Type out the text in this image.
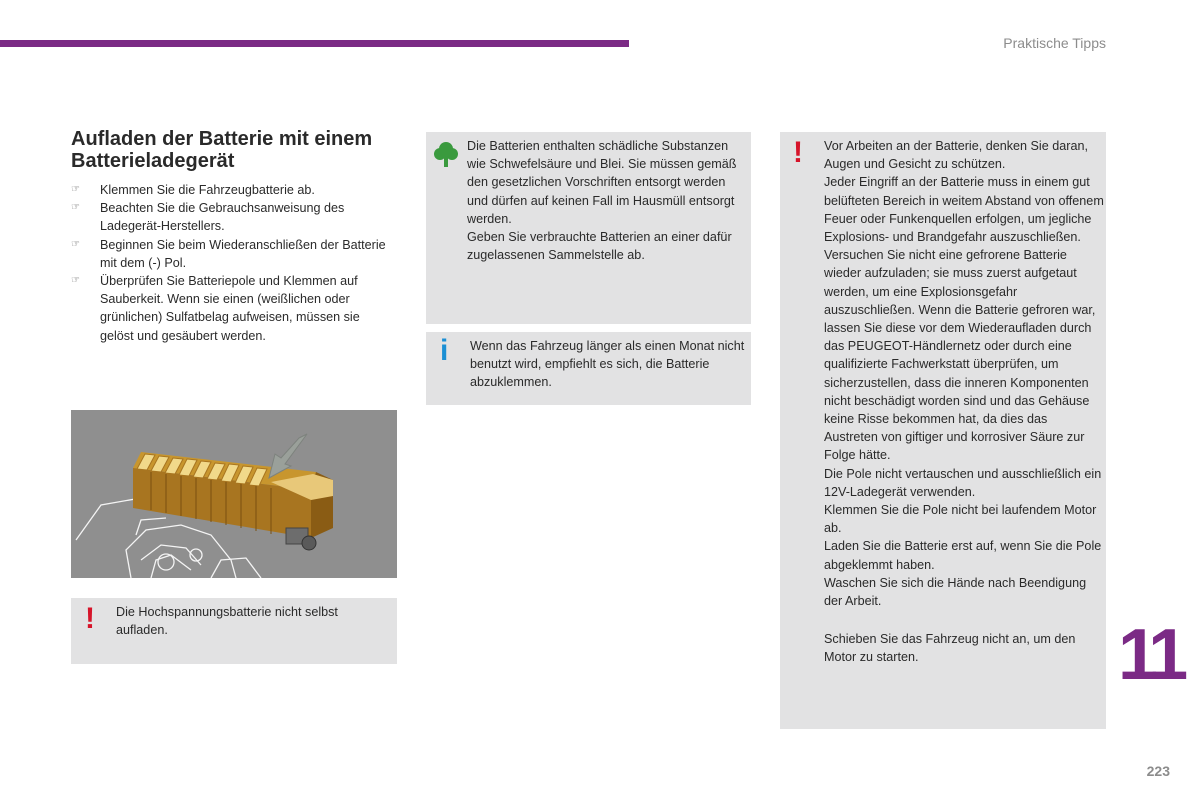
Praktische Tipps
Aufladen der Batterie mit einem Batterieladegerät
☞ Klemmen Sie die Fahrzeugbatterie ab.
☞ Beachten Sie die Gebrauchsanweisung des Ladegerät-Herstellers.
☞ Beginnen Sie beim Wiederanschließen der Batterie mit dem (-) Pol.
☞ Überprüfen Sie Batteriepole und Klemmen auf Sauberkeit. Wenn sie einen (weißlichen oder grünlichen) Sulfatbelag aufweisen, müssen sie gelöst und gesäubert werden.

Die Batterien enthalten schädliche Substanzen wie Schwefelsäure und Blei. Sie müssen gemäß den gesetzlichen Vorschriften entsorgt werden und dürfen auf keinen Fall im Hausmüll entsorgt werden.

Geben Sie verbrauchte Batterien an einer dafür zugelassenen Sammelstelle ab.

i Wenn das Fahrzeug länger als einen Monat nicht benutzt wird, empfiehlt es sich, die Batterie abzuklemmen.

! Die Hochspannungsbatterie nicht selbst aufladen.

! Vor Arbeiten an der Batterie, denken Sie daran, Augen und Gesicht zu schützen.

Jeder Eingriff an der Batterie muss in einem gut belüfteten Bereich in weitem Abstand von offenem Feuer oder Funkenquellen erfolgen, um jegliche Explosions- und Brandgefahr auszuschließen.

Versuchen Sie nicht eine gefrorene Batterie wieder aufzuladen; sie muss zuerst aufgetaut werden, um eine Explosionsgefahr auszuschließen. Wenn die Batterie gefroren war, lassen Sie diese vor dem Wiederaufladen durch das PEUGEOT-Händlernetz oder durch eine qualifizierte Fachwerkstatt überprüfen, um sicherzustellen, dass die inneren Komponenten nicht beschädigt worden sind und das Gehäuse keine Risse bekommen hat, da dies das Austreten von giftiger und korrosiver Säure zur Folge hätte.

Die Pole nicht vertauschen und ausschließlich ein 12V-Ladegerät verwenden.

Klemmen Sie die Pole nicht bei laufendem Motor ab.

Laden Sie die Batterie erst auf, wenn Sie die Pole abgeklemmt haben.

Waschen Sie sich die Hände nach Beendigung der Arbeit.

Schieben Sie das Fahrzeug nicht an, um den Motor zu starten.	11
223
